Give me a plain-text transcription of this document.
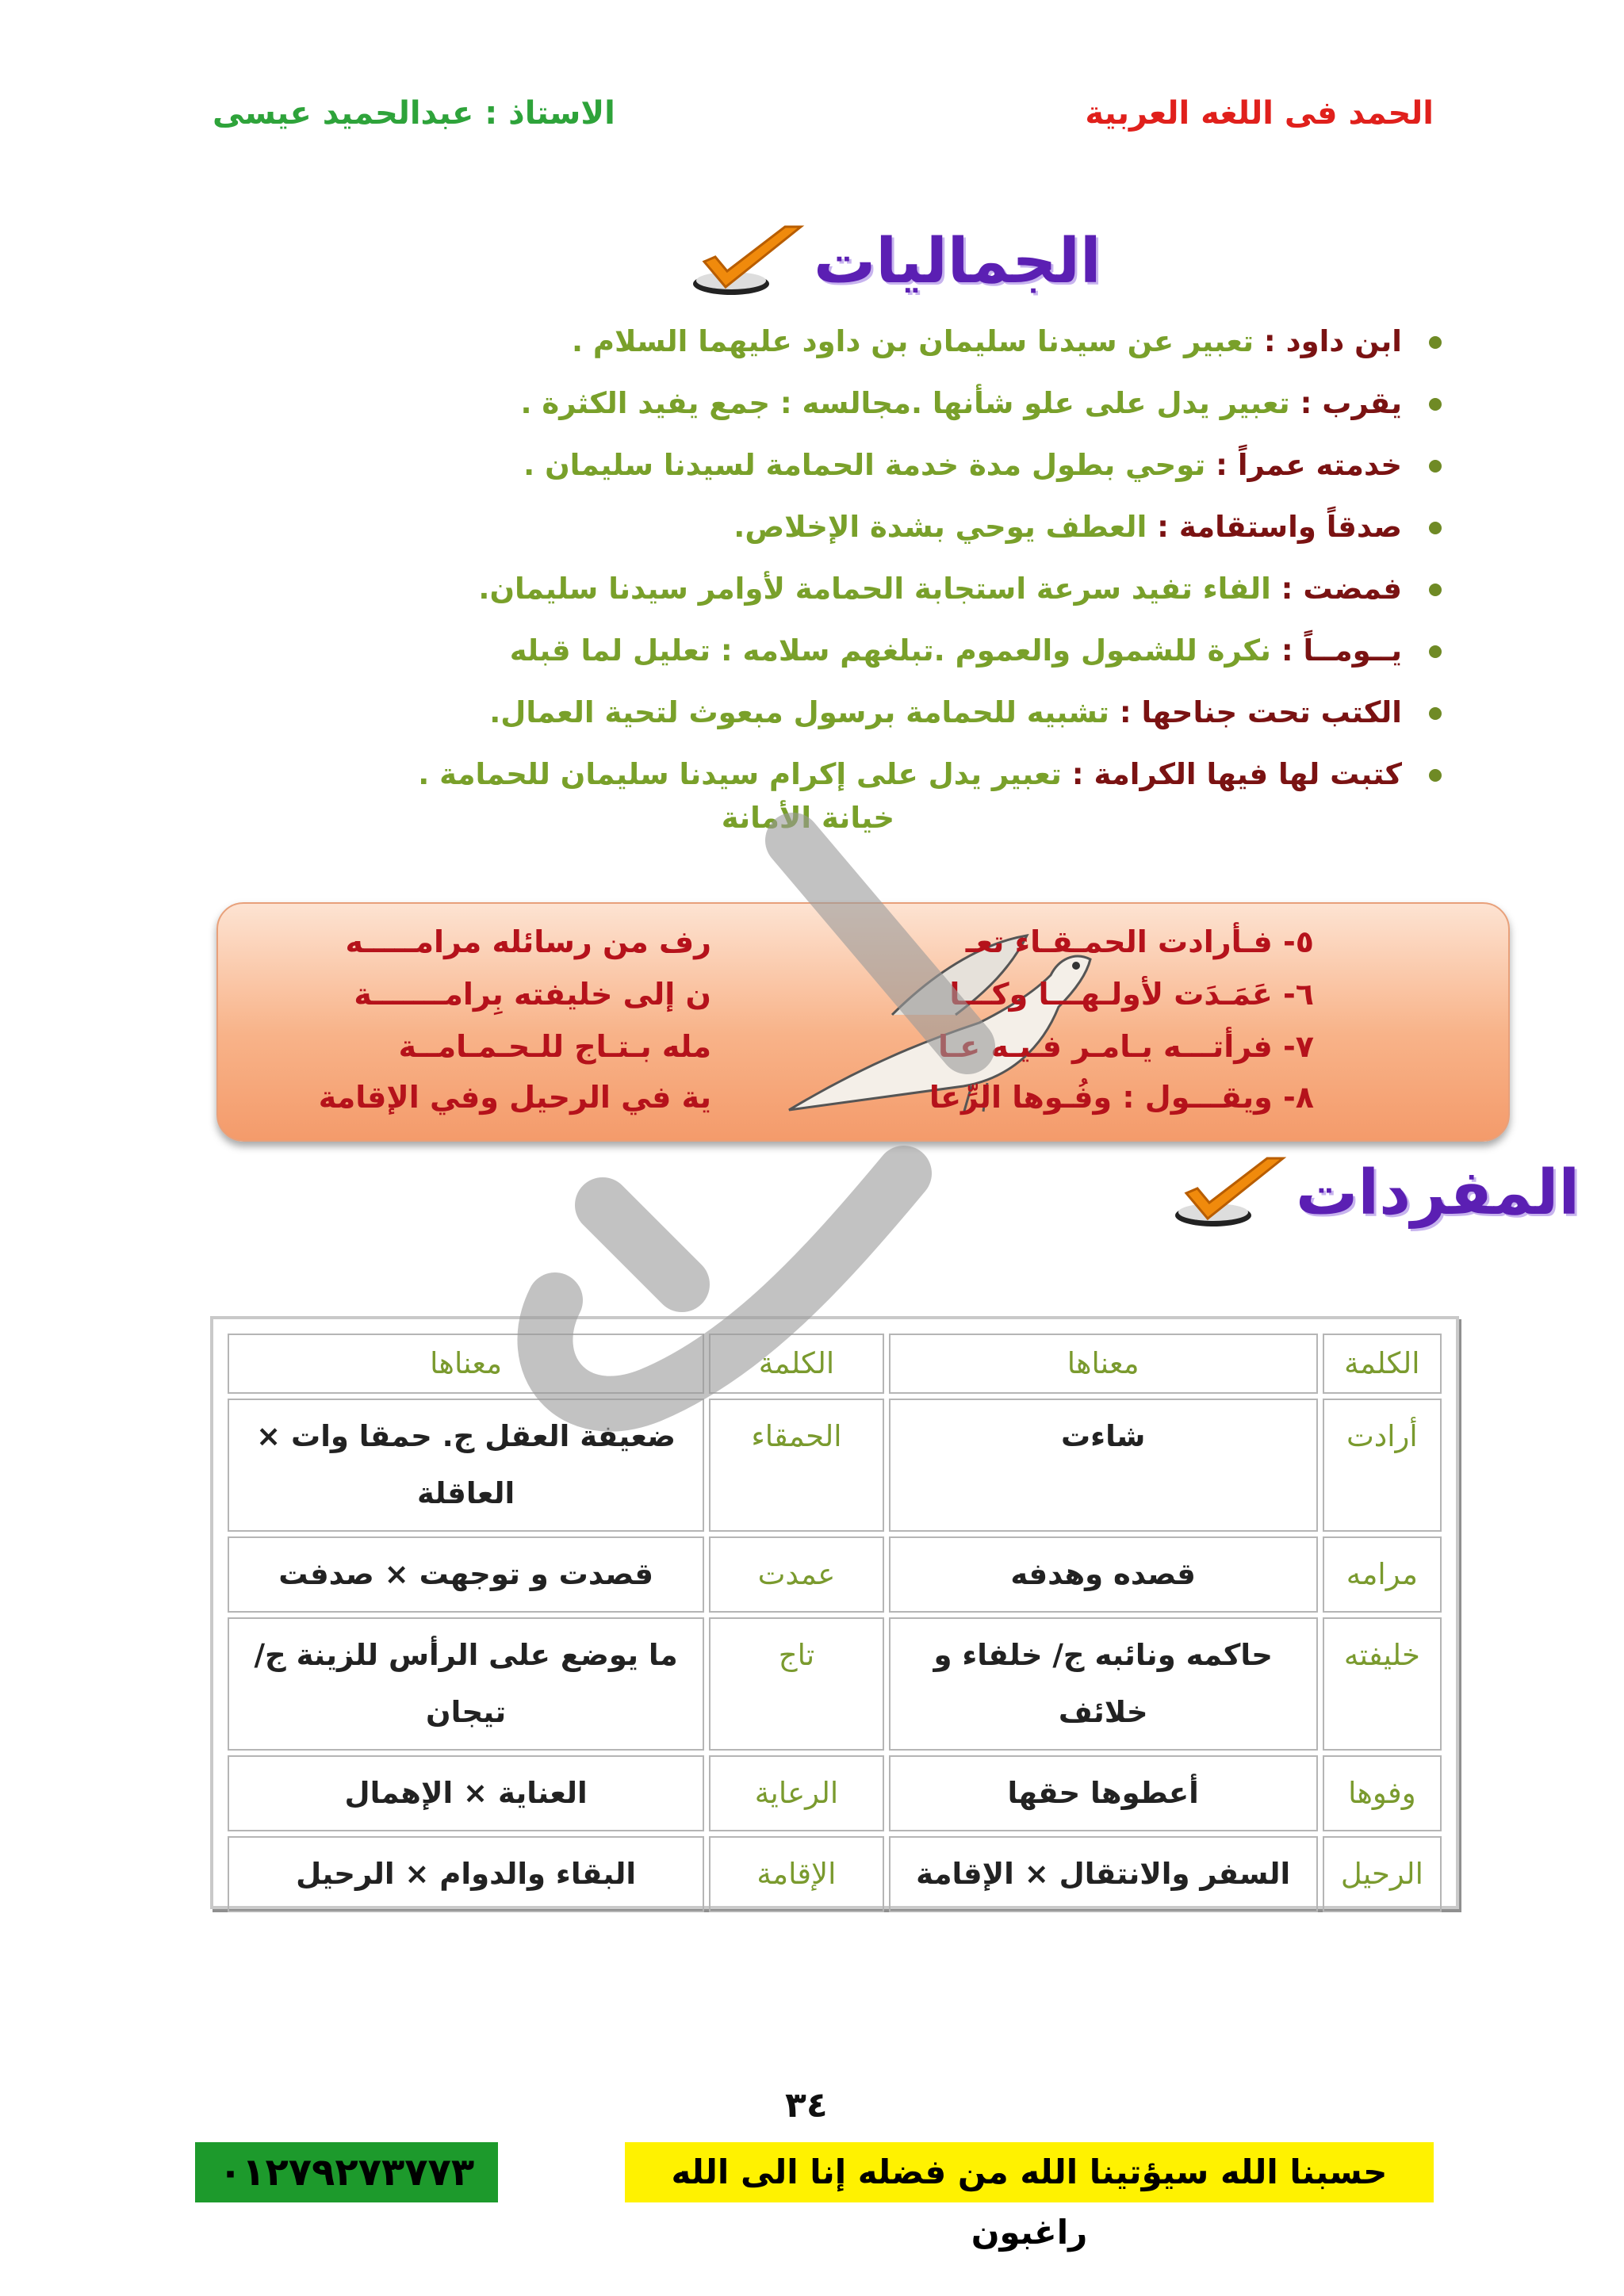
الحمد فى اللغه العربية
الاستاذ : عبدالحميد عيسى
الجماليات
ابن داود : تعبير عن سيدنا سليمان بن داود عليهما السلام .
يقرب : تعبير يدل على علو شأنها .مجالسه : جمع يفيد الكثرة .
خدمته عمراً : توحي بطول مدة خدمة الحمامة لسيدنا سليمان .
صدقاً واستقامة : العطف يوحي بشدة الإخلاص.
فمضت : الفاء تفيد سرعة استجابة الحمامة لأوامر سيدنا سليمان.
يــومــاً : نكرة للشمول والعموم .تبلغهم سلامه : تعليل لما قبله
الكتب تحت جناحها : تشبيه للحمامة برسول مبعوث لتحية العمال.
كتبت لها فيها الكرامة : تعبير يدل على إكرام سيدنا سليمان للحمامة .
خيانة الأمانة
٥- فـأرادت الحمـقـاء تعـ
رف من رسائله مرامـــــه
٦- عَمَـدَت لأولـهـــا وكـــا
ن إلى خليفته بِرامـــــــة
٧- فرأتـــه يـامـر فـيـه عـا
مله بـتـاج للـحـمـامــة
٨- ويقـــول : وفُـوها الرِّعا
ية في الرحيل وفي الإقامة
المفردات
الكلمة	معناها	الكلمة	معناها
أرادت	شاءت	الحمقاء	ضعيفة العقل ج. حمقا وات × العاقلة
مرامه	قصده وهدفه	عمدت	قصدت و توجهت × صدفت
خليفته	حاكمه ونائبه ج/ خلفاء و خلائف	تاج	ما يوضع على الرأس للزينة ج/ تيجان
وفوها	أعطوها حقها	الرعاية	العناية × الإهمال
الرحيل	السفر والانتقال × الإقامة	الإقامة	البقاء والدوام × الرحيل
٣٤
حسبنا الله سيؤتينا الله من فضله إنا الى الله راغبون
٠١٢٧٩٢٧٣٧٧٣
